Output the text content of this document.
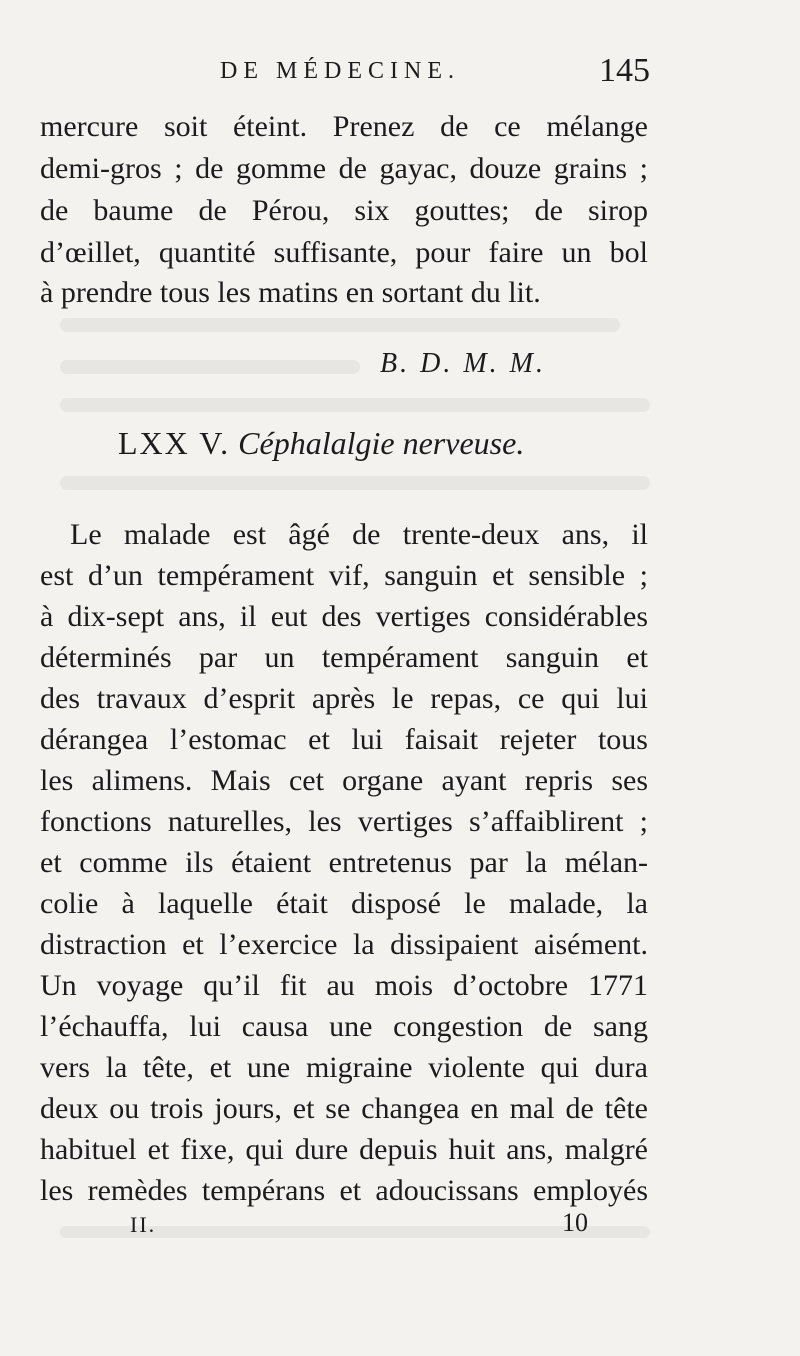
DE MÉDECINE.	145
mercure soit éteint. Prenez de ce mélange
demi-gros ; de gomme de gayac, douze grains ;
de baume de Pérou, six gouttes; de sirop
d’œillet, quantité suffisante, pour faire un bol
à prendre tous les matins en sortant du lit.
B. D. M. M.
LXX V. Céphalalgie nerveuse.
Le malade est âgé de trente-deux ans, il
est d’un tempérament vif, sanguin et sensible ;
à dix-sept ans, il eut des vertiges considérables
déterminés par un tempérament sanguin et
des travaux d’esprit après le repas, ce qui lui
dérangea l’estomac et lui faisait rejeter tous
les alimens. Mais cet organe ayant repris ses
fonctions naturelles, les vertiges s’affaiblirent ;
et comme ils étaient entretenus par la mélan-
colie à laquelle était disposé le malade, la
distraction et l’exercice la dissipaient aisément.
Un voyage qu’il fit au mois d’octobre 1771
l’échauffa, lui causa une congestion de sang
vers la tête, et une migraine violente qui dura
deux ou trois jours, et se changea en mal de tête
habituel et fixe, qui dure depuis huit ans, malgré
les remèdes tempérans et adoucissans employés
II.	10
